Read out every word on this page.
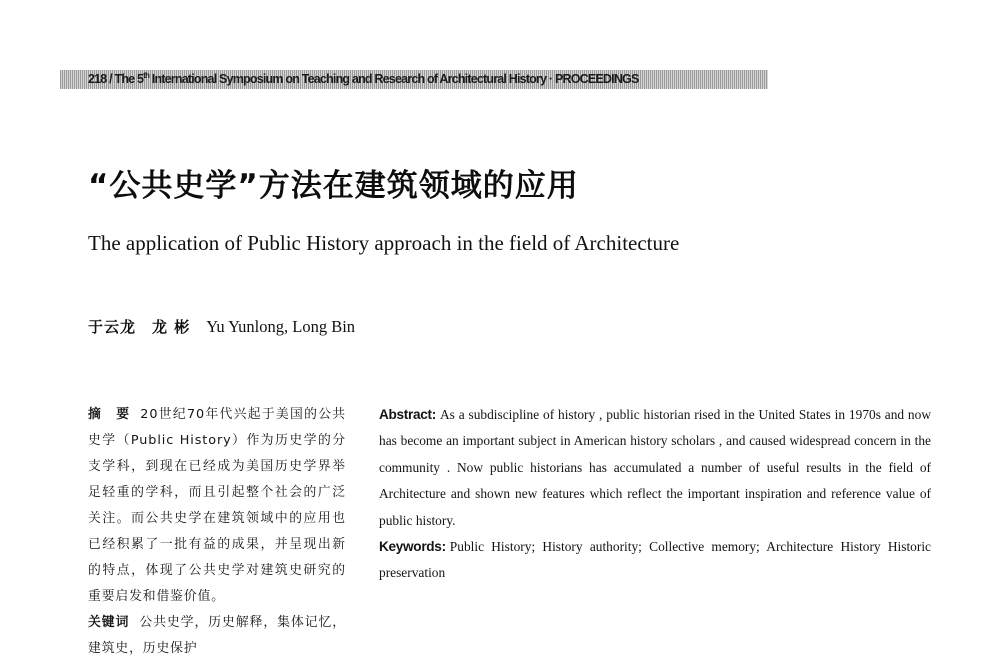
218 / The 5th International Symposium on Teaching and Research of Architectural History · PROCEEDINGS
“公共史学”方法在建筑领域的应用
The application of Public History approach in the field of Architecture
于云龙　龙 彬 Yu Yunlong, Long Bin

摘　要 20世纪70年代兴起于美国的公共史学（Public History）作为历史学的分支学科，到现在已经成为美国历史学界举足轻重的学科，而且引起整个社会的广泛关注。而公共史学在建筑领域中的应用也已经积累了一批有益的成果，并呈现出新的特点，体现了公共史学对建筑史研究的重要启发和借鉴价值。

关键词 公共史学，历史解释，集体记忆，建筑史，历史保护

Abstract: As a subdiscipline of history , public historian rised in the United States in 1970s and now has become an important subject in American history scholars , and caused widespread concern in the community . Now public historians has accumulated a number of useful results in the field of Architecture and shown new features which reflect the important inspiration and reference value of public history.

Keywords: Public History; History authority; Collective memory; Architecture History Historic preservation
